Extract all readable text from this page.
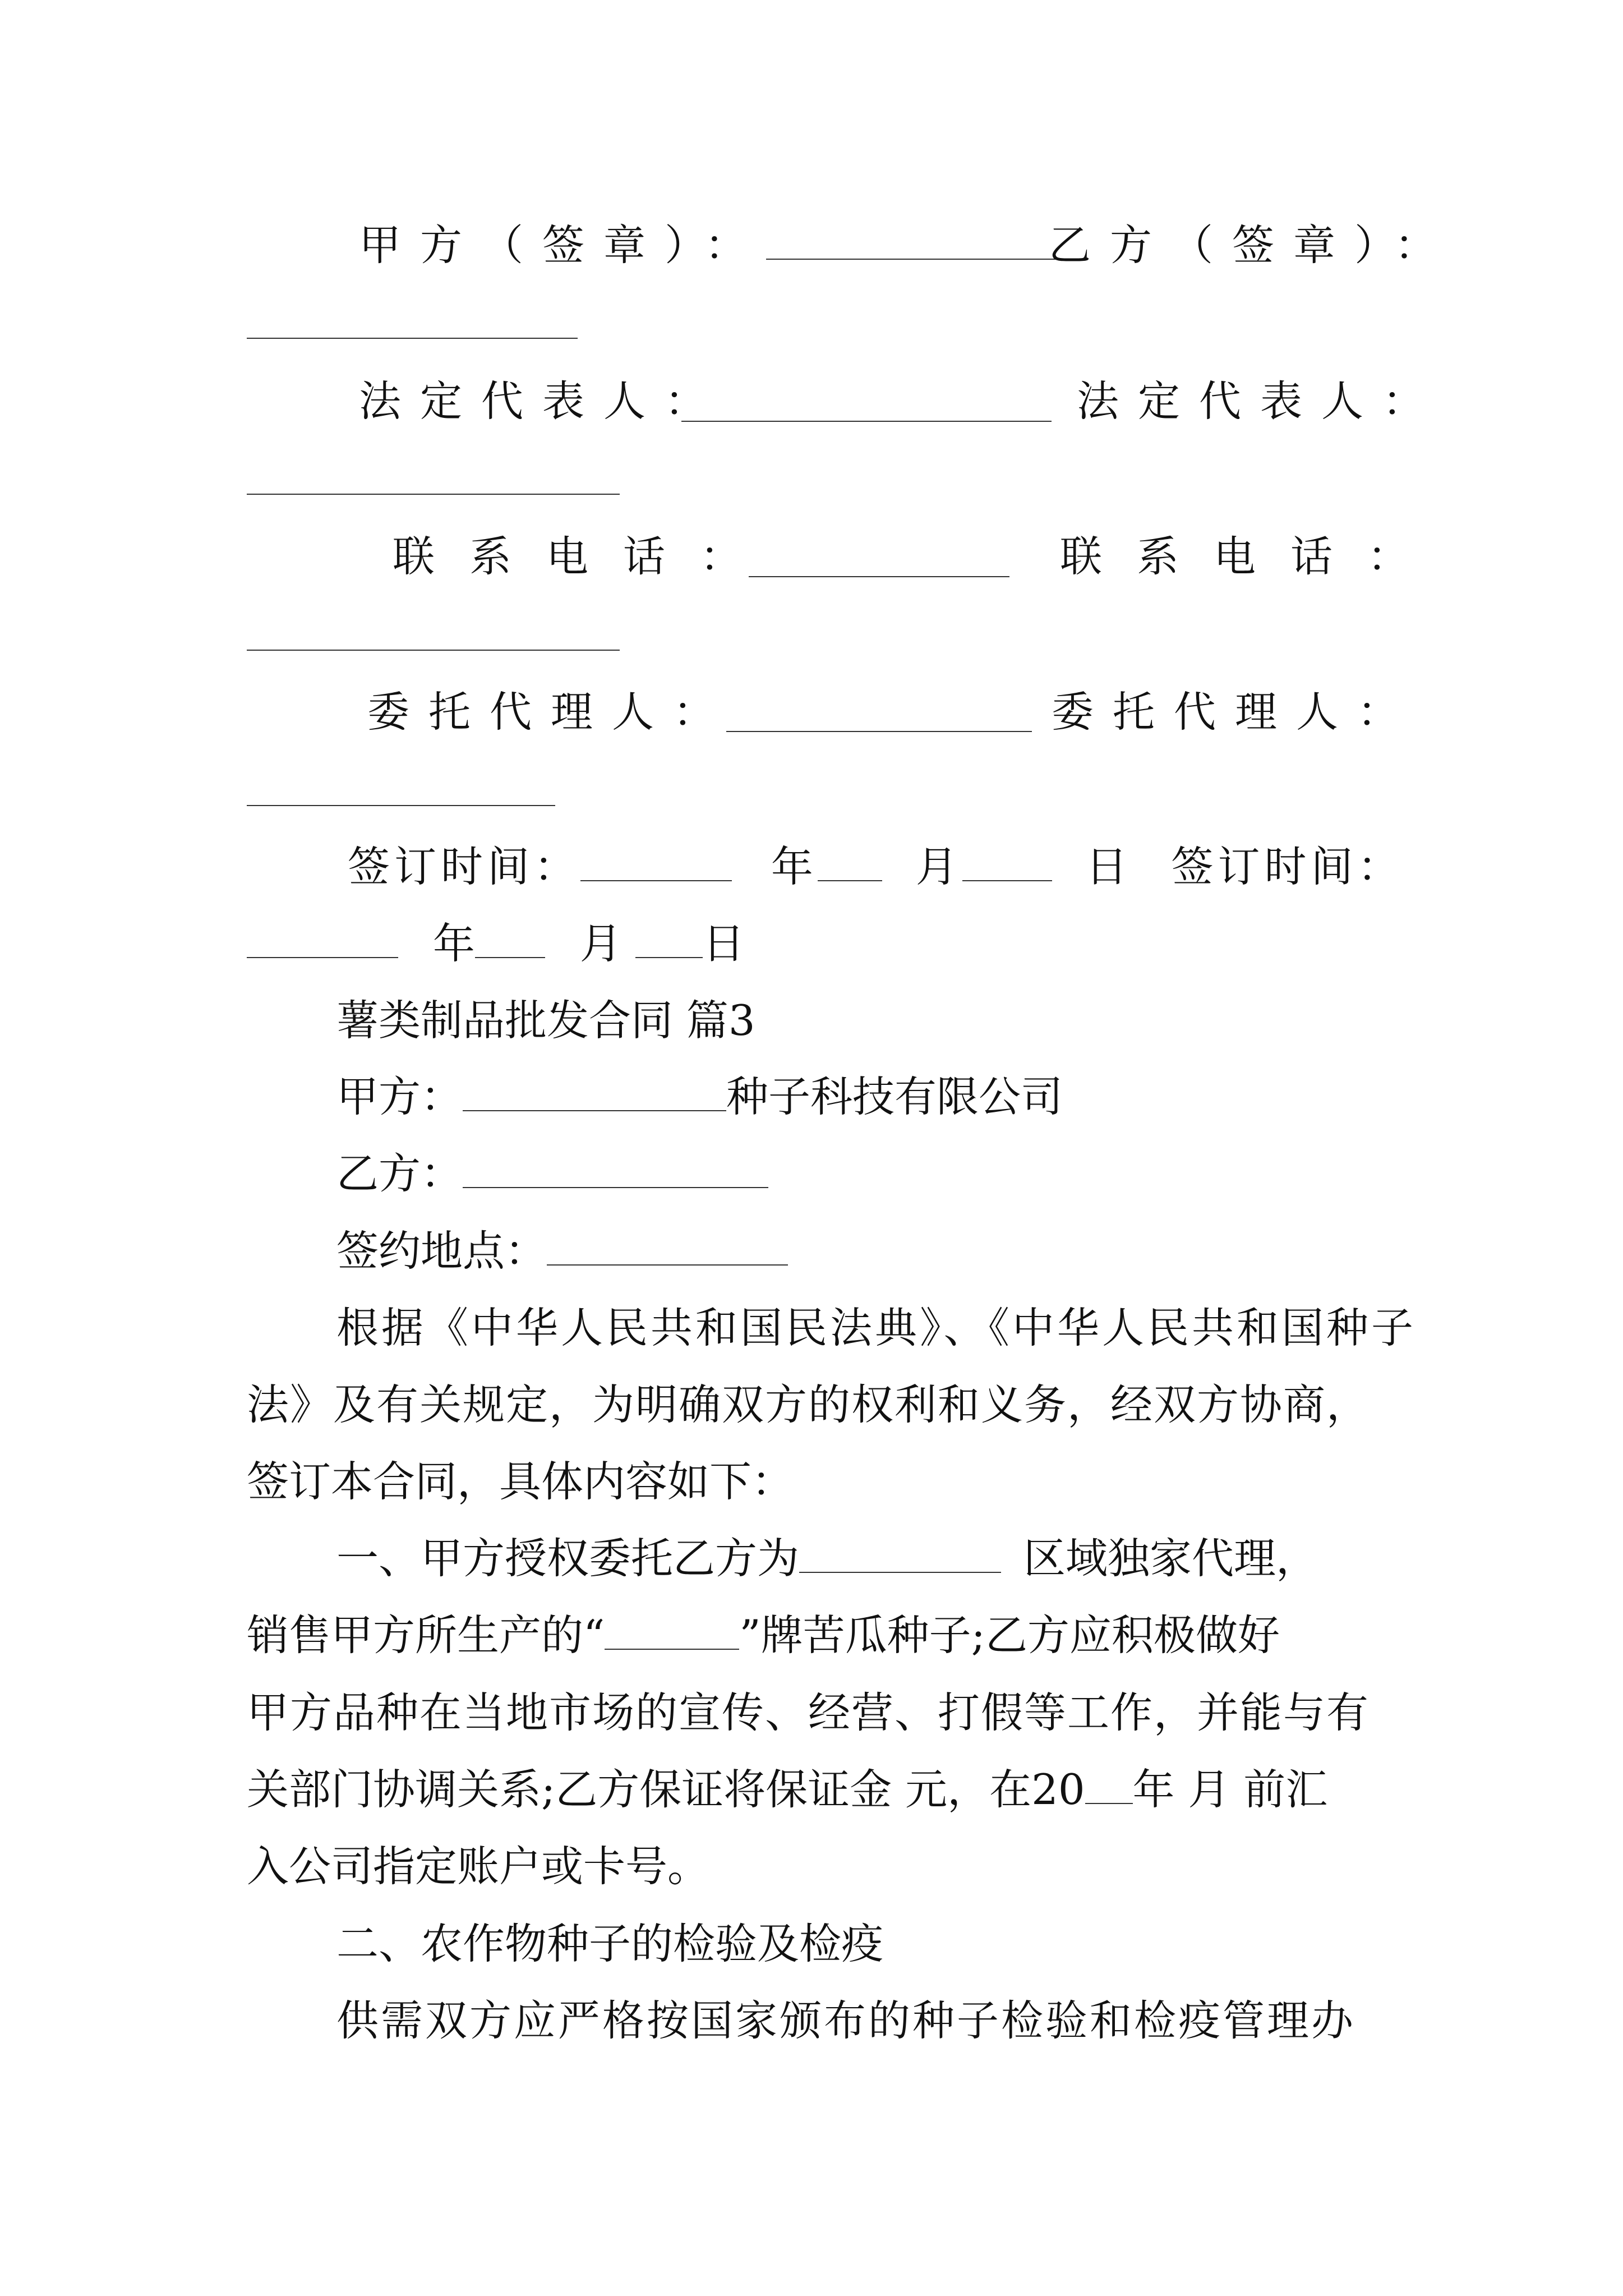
甲方（签章）：	乙方（签章）：
法定代表人：	法定代表人：
联系电话：	联系电话：
委托代理人：	委托代理人：
签订时间：	年 月	日 签订时间：
年 月 日
薯类制品批发合同 篇3
甲方：	种子科技有限公司
乙方：
签约地点：
根据《中华人民共和国民法典》、《中华人民共和国种子
法》及有关规定，为明确双方的权利和义务，经双方协商，
签订本合同，具体内容如下：
一、甲方授权委托乙方为	区域独家代理，
销售甲方所生产的“	”牌苦瓜种子;乙方应积极做好
甲方品种在当地市场的宣传、经营、打假等工作，并能与有
关部门协调关系;乙方保证将保证金 元，在20 年 月 前汇
入公司指定账户或卡号。
二、农作物种子的检验及检疫
供需双方应严格按国家颁布的种子检验和检疫管理办
